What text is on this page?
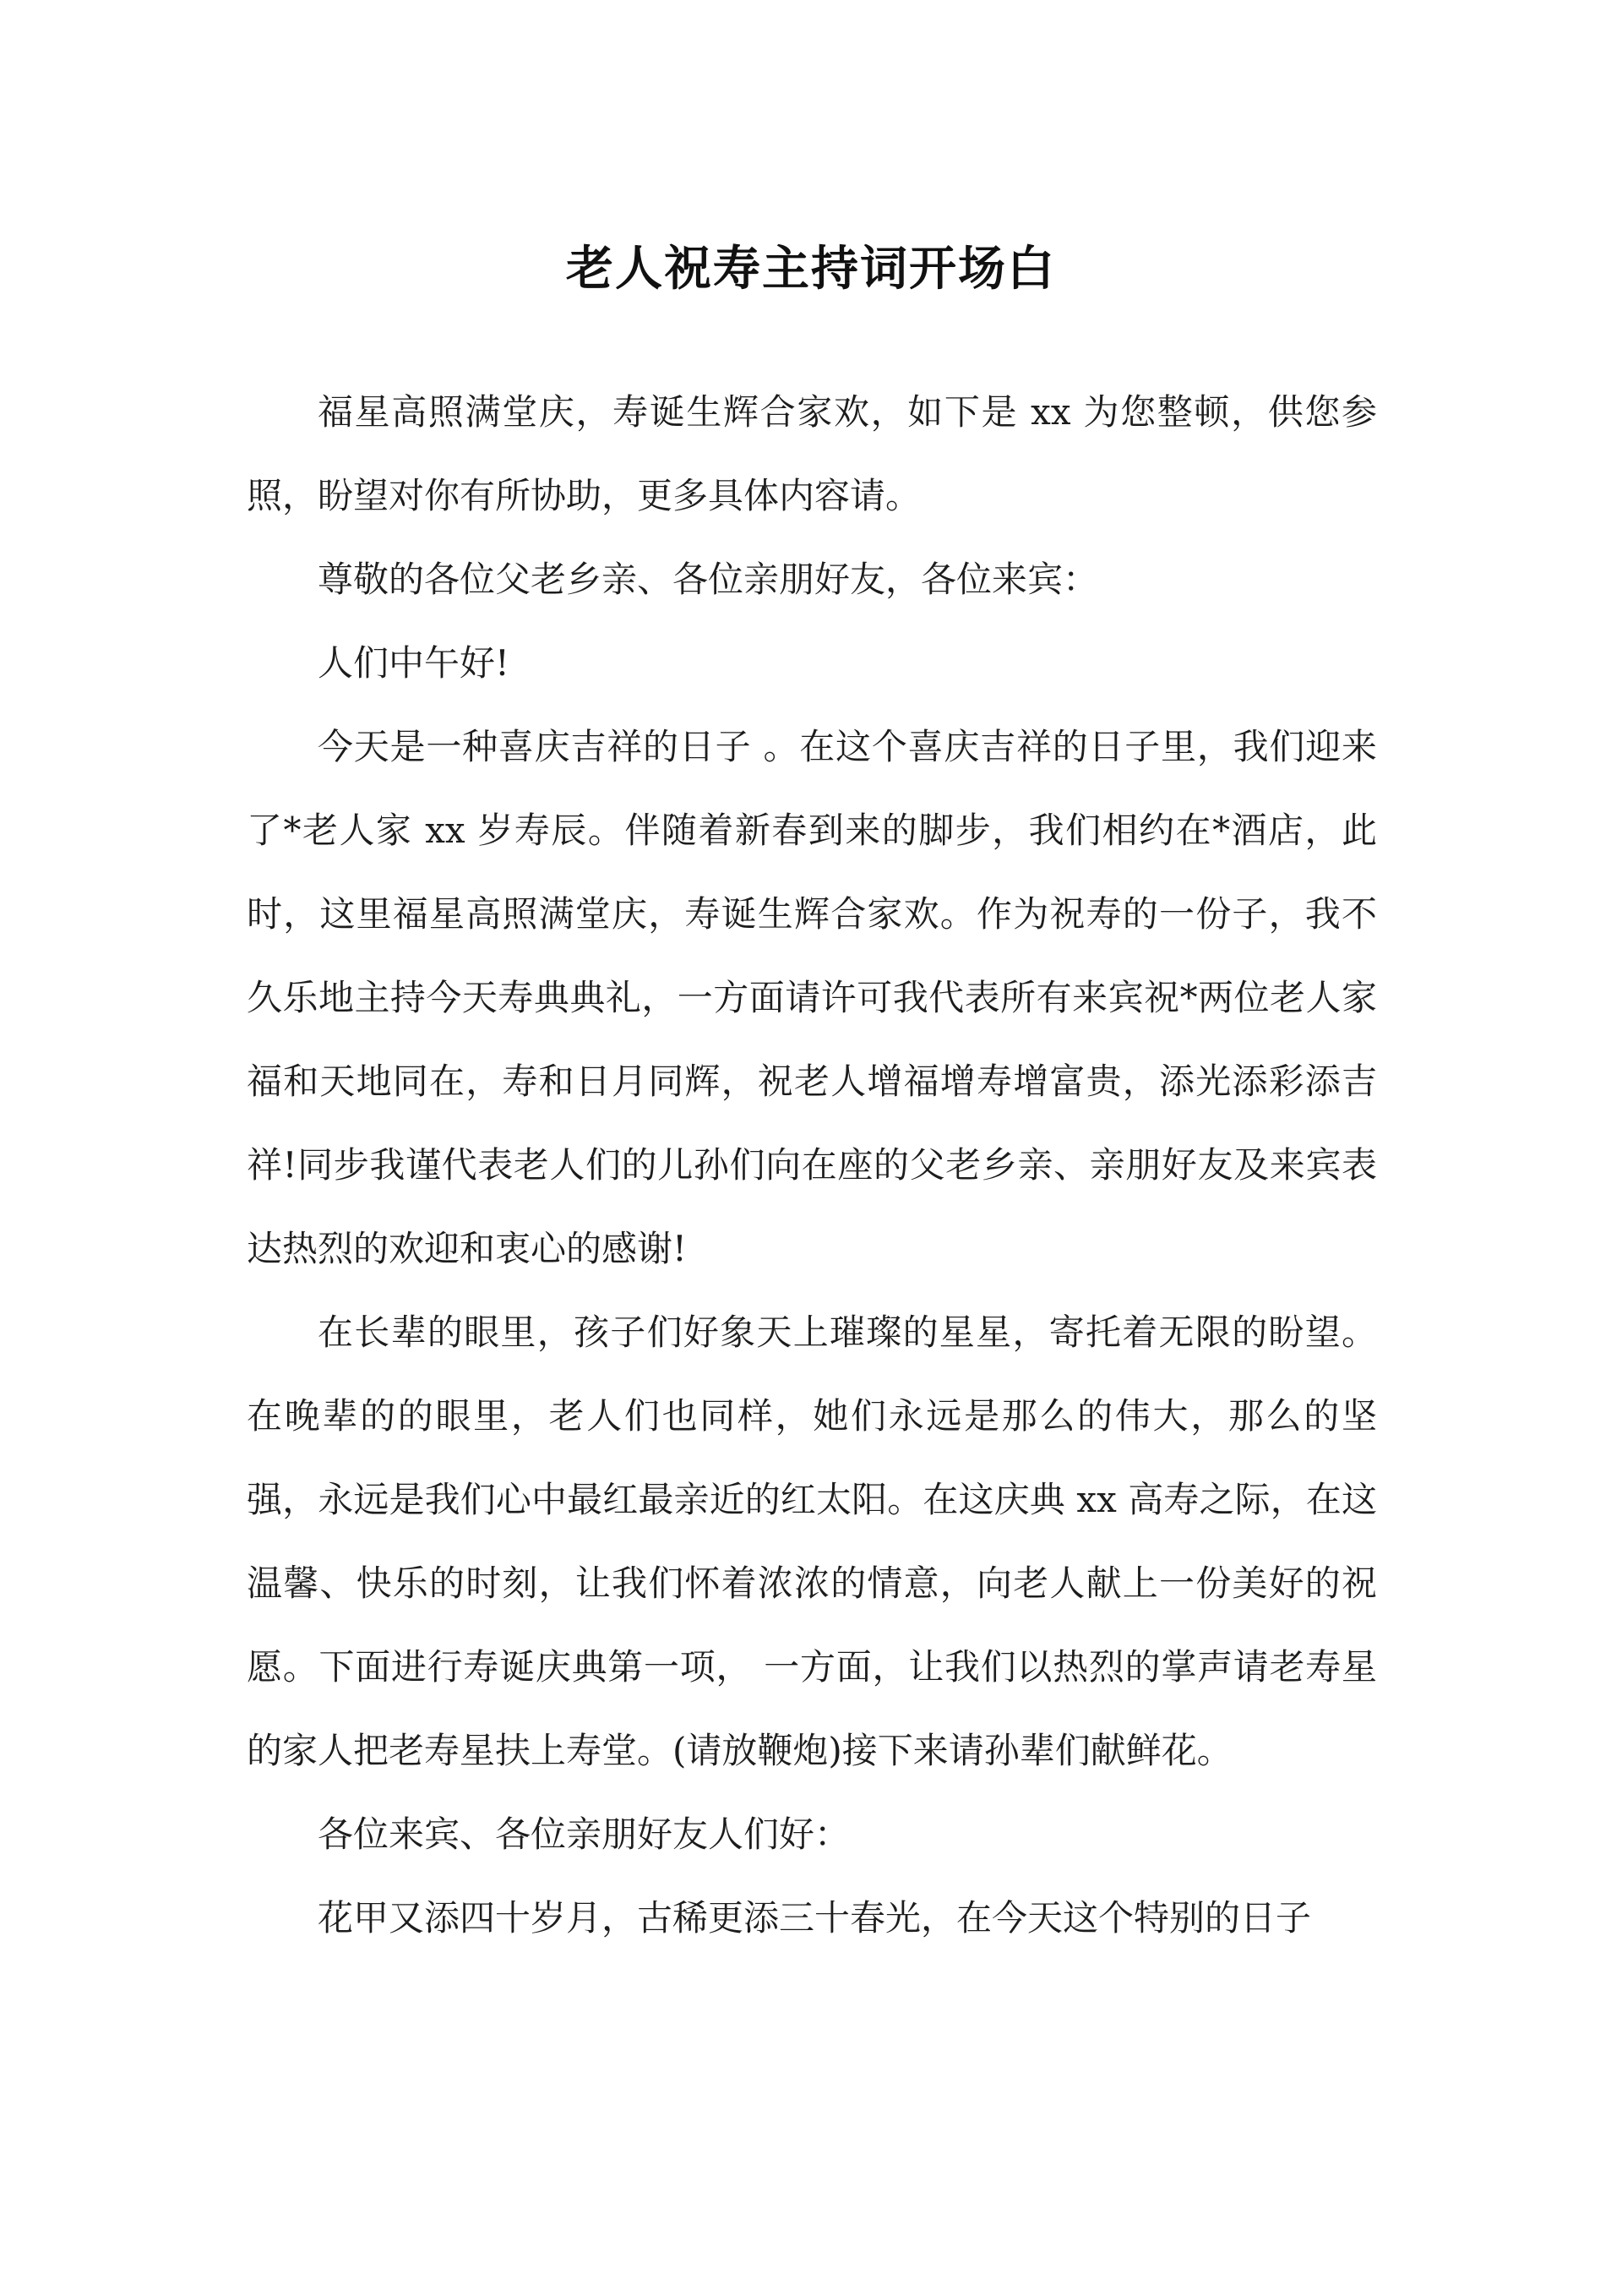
老人祝寿主持词开场白

福星高照满堂庆，寿诞生辉合家欢，如下是 xx 为您整顿，供您参照，盼望对你有所协助，更多具体内容请。

尊敬的各位父老乡亲、各位亲朋好友，各位来宾：

人们中午好!

今天是一种喜庆吉祥的日子 。在这个喜庆吉祥的日子里，我们迎来了*老人家 xx 岁寿辰。伴随着新春到来的脚步，我们相约在*酒店，此时，这里福星高照满堂庆，寿诞生辉合家欢。作为祝寿的一份子，我不久乐地主持今天寿典典礼，一方面请许可我代表所有来宾祝*两位老人家福和天地同在，寿和日月同辉，祝老人增福增寿增富贵，添光添彩添吉祥!同步我谨代表老人们的儿孙们向在座的父老乡亲、亲朋好友及来宾表达热烈的欢迎和衷心的感谢!

在长辈的眼里，孩子们好象天上璀璨的星星，寄托着无限的盼望。在晚辈的的眼里，老人们也同样，她们永远是那么的伟大，那么的坚强，永远是我们心中最红最亲近的红太阳。在这庆典 xx 高寿之际，在这温馨、快乐的时刻，让我们怀着浓浓的情意，向老人献上一份美好的祝愿。下面进行寿诞庆典第一项， 一方面，让我们以热烈的掌声请老寿星的家人把老寿星扶上寿堂。(请放鞭炮)接下来请孙辈们献鲜花。

各位来宾、各位亲朋好友人们好：

花甲又添四十岁月，古稀更添三十春光，在今天这个特别的日子
